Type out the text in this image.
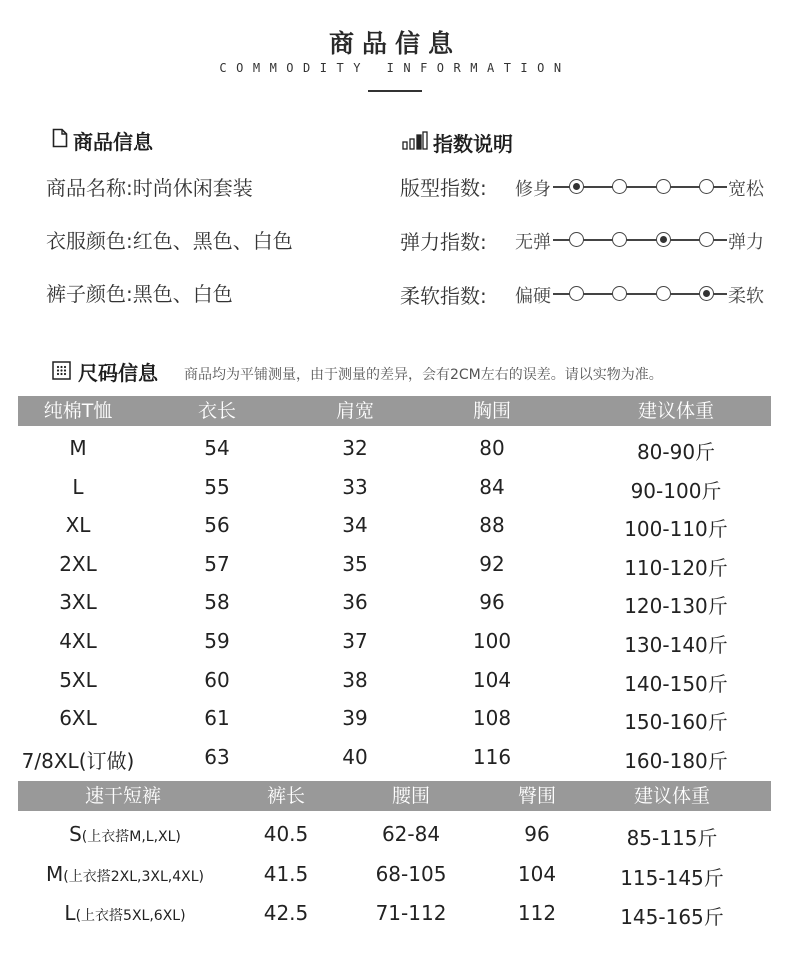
商品信息
COMMODITY INFORMATION
商品信息
商品名称:时尚休闲套装
衣服颜色:红色、黑色、白色
裤子颜色:黑色、白色
指数说明
版型指数:
弹力指数:
柔软指数:
修身	宽松
无弹	弹力
偏硬	柔软
尺码信息 商品均为平铺测量，由于测量的差异，会有2CM左右的误差。请以实物为准。
纯棉T恤	衣长	肩宽	胸围	建议体重
M	54	32	80	80-90斤
L	55	33	84	90-100斤
XL	56	34	88	100-110斤
2XL	57	35	92	110-120斤
3XL	58	36	96	120-130斤
4XL	59	37	100	130-140斤
5XL	60	38	104	140-150斤
6XL	61	39	108	150-160斤
7/8XL(订做)	63	40	116	160-180斤
速干短裤	裤长	腰围	臀围	建议体重
S(上衣搭M,L,XL)	40.5	62-84	96	85-115斤
M(上衣搭2XL,3XL,4XL)	41.5	68-105	104	115-145斤
L(上衣搭5XL,6XL)	42.5	71-112	112	145-165斤
